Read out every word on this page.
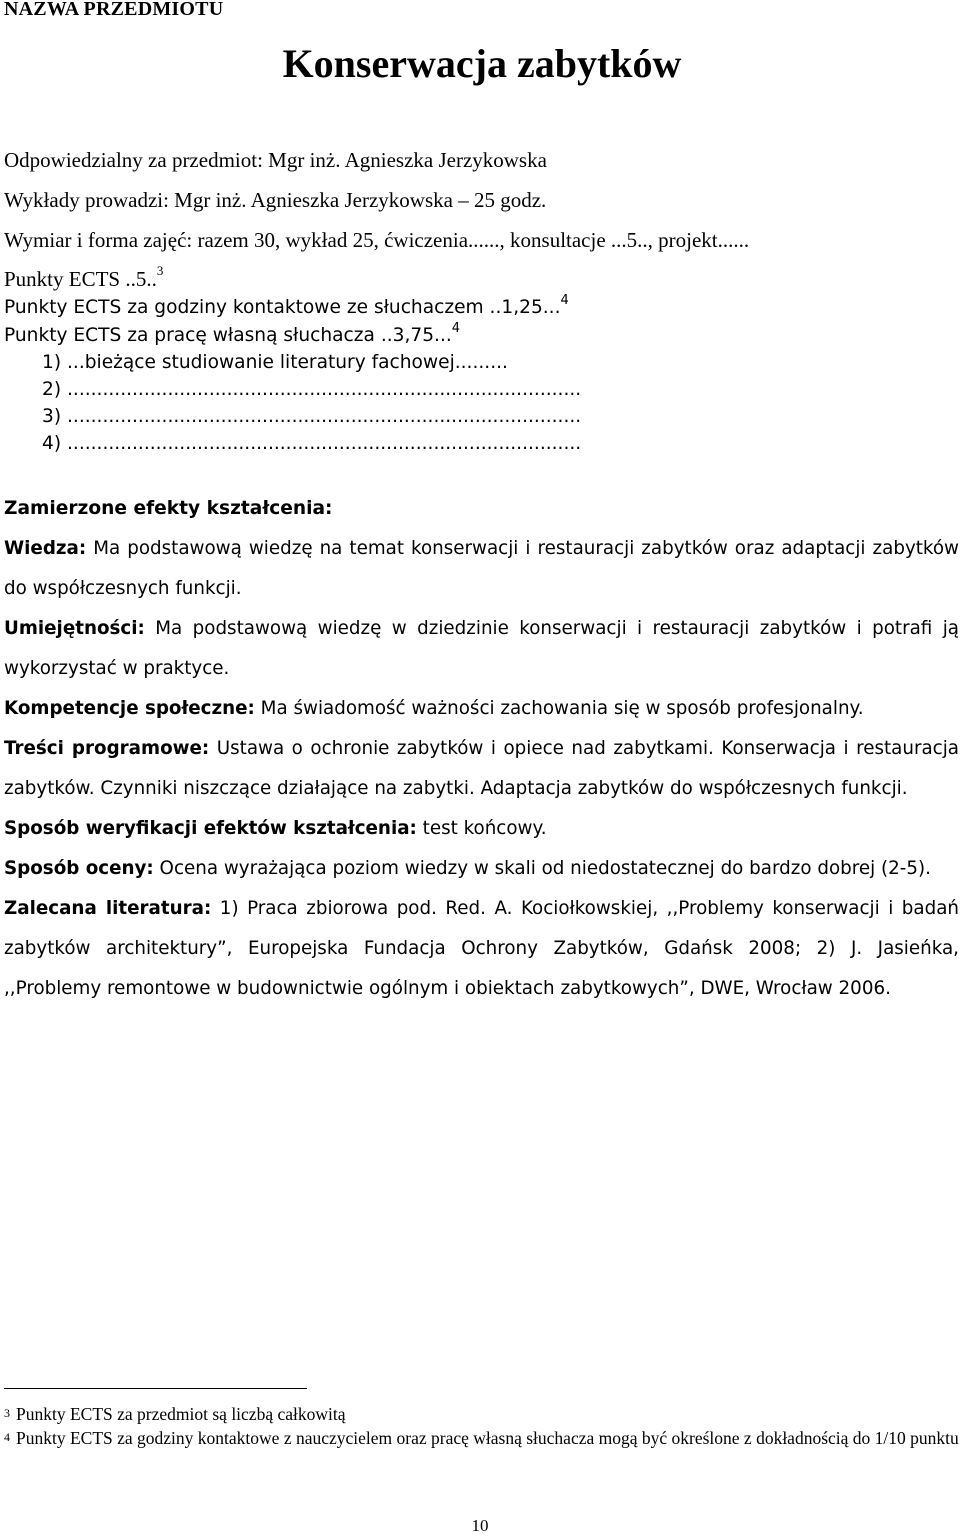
NAZWA PRZEDMIOTU
Konserwacja zabytków
Odpowiedzialny za przedmiot: Mgr inż. Agnieszka Jerzykowska
Wykłady prowadzi: Mgr inż. Agnieszka Jerzykowska – 25 godz.
Wymiar i forma zajęć: razem 30, wykład 25, ćwiczenia......, konsultacje ...5.., projekt......
Punkty ECTS ..5..$^3$
Punkty ECTS za godziny kontaktowe ze słuchaczem ..1,25...$^4$
Punkty ECTS za pracę własną słuchacza ..3,75...$^4$
1) ...bieżące studiowanie literatury fachowej.........
2) .......................................................................................
3) .......................................................................................
4) .......................................................................................
Zamierzone efekty kształcenia:

Wiedza: Ma podstawową wiedzę na temat konserwacji i restauracji zabytków oraz adaptacji zabytków do współczesnych funkcji.

Umiejętności: Ma podstawową wiedzę w dziedzinie konserwacji i restauracji zabytków i potrafi ją wykorzystać w praktyce.

Kompetencje społeczne: Ma świadomość ważności zachowania się w sposób profesjonalny.

Treści programowe: Ustawa o ochronie zabytków i opiece nad zabytkami. Konserwacja i restauracja zabytków. Czynniki niszczące działające na zabytki. Adaptacja zabytków do współczesnych funkcji.

Sposób weryfikacji efektów kształcenia: test końcowy.

Sposób oceny: Ocena wyrażająca poziom wiedzy w skali od niedostatecznej do bardzo dobrej (2-5).

Zalecana literatura: 1) Praca zbiorowa pod. Red. A. Kociołkowskiej, ,,Problemy konserwacji i badań zabytków architektury”, Europejska Fundacja Ochrony Zabytków, Gdańsk 2008; 2) J. Jasieńka, ,,Problemy remontowe w budownictwie ogólnym i obiektach zabytkowych”, DWE, Wrocław 2006.

$^3$ Punkty ECTS za przedmiot są liczbą całkowitą

$^4$ Punkty ECTS za godziny kontaktowe z nauczycielem oraz pracę własną słuchacza mogą być określone z dokładnością do 1/10 punktu

10
